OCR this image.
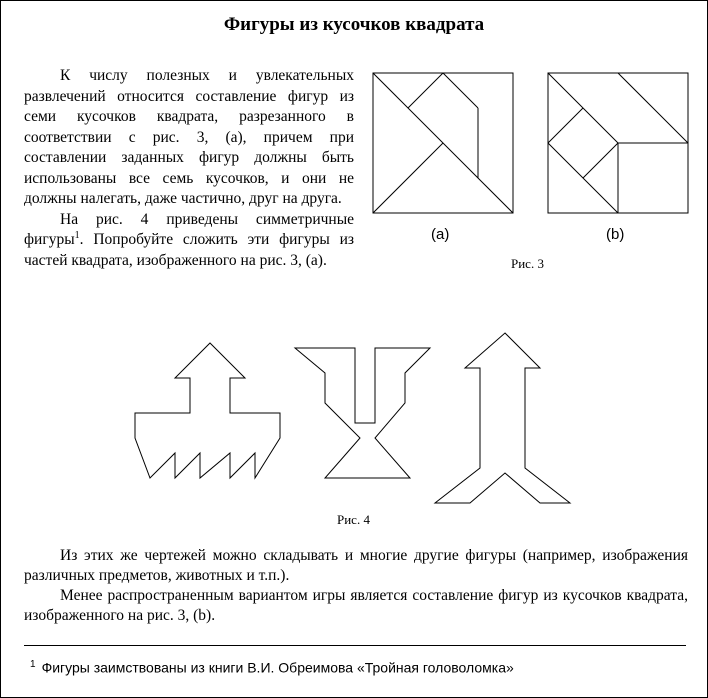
Фигуры из кусочков квадрата

К числу полезных и увлекательных развлечений относится составление фигур из семи кусочков квадрата, разрезанного в соответствии с рис. 3, (а), причем при составлении заданных фигур должны быть использованы все семь кусочков, и они не должны налегать, даже частично, друг на друга.

На рис. 4 приведены симметричные фигуры$^1$. Попробуйте сложить эти фигуры из частей квадрата, изображенного на рис. 3, (а).

(a)	(b)
Рис. 3
Рис. 4

Из этих же чертежей можно складывать и многие другие фигуры (например, изображения различных предметов, животных и т.п.).

Менее распространенным вариантом игры является составление фигур из кусочков квадрата, изображенного на рис. 3, (b).

$^1$ Фигуры заимствованы из книги В.И. Обреимова «Тройная головоломка»
